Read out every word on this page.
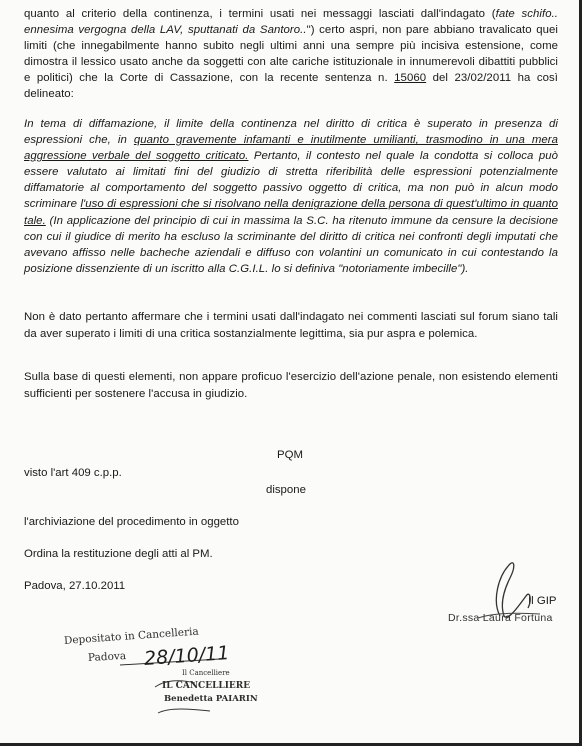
quanto al criterio della continenza, i termini usati nei messaggi lasciati dall'indagato (fate schifo.. ennesima vergogna della LAV, sputtanati da Santoro..") certo aspri, non pare abbiano travalicato quei limiti (che innegabilmente hanno subito negli ultimi anni una sempre più incisiva estensione, come dimostra il lessico usato anche da soggetti con alte cariche istituzionale in innumerevoli dibattiti pubblici e politici) che la Corte di Cassazione, con la recente sentenza n. 15060 del 23/02/2011 ha così delineato:
In tema di diffamazione, il limite della continenza nel diritto di critica è superato in presenza di espressioni che, in quanto gravemente infamanti e inutilmente umilianti, trasmodino in una mera aggressione verbale del soggetto criticato. Pertanto, il contesto nel quale la condotta si colloca può essere valutato ai limitati fini del giudizio di stretta riferibilità delle espressioni potenzialmente diffamatorie al comportamento del soggetto passivo oggetto di critica, ma non può in alcun modo scriminare l'uso di espressioni che si risolvano nella denigrazione della persona di quest'ultimo in quanto tale. (In applicazione del principio di cui in massima la S.C. ha ritenuto immune da censure la decisione con cui il giudice di merito ha escluso la scriminante del diritto di critica nei confronti degli imputati che avevano affisso nelle bacheche aziendali e diffuso con volantini un comunicato in cui contestando la posizione dissenziente di un iscritto alla C.G.I.L. lo si definiva "notoriamente imbecille").
Non è dato pertanto affermare che i termini usati dall'indagato nei commenti lasciati sul forum siano tali da aver superato i limiti di una critica sostanzialmente legittima, sia pur aspra e polemica.
Sulla base di questi elementi, non appare proficuo l'esercizio dell'azione penale, non esistendo elementi sufficienti per sostenere l'accusa in giudizio.
PQM
visto l'art 409 c.p.p.
dispone
l'archiviazione del procedimento in oggetto
Ordina la restituzione degli atti al PM.
Padova, 27.10.2011
Il GIP
Dr.ssa Laura Fortuna
Depositato in Cancelleria
Padova 28/10/11
Il Cancelliere
IL CANCELLIERE
Benedetta PAIARIN
